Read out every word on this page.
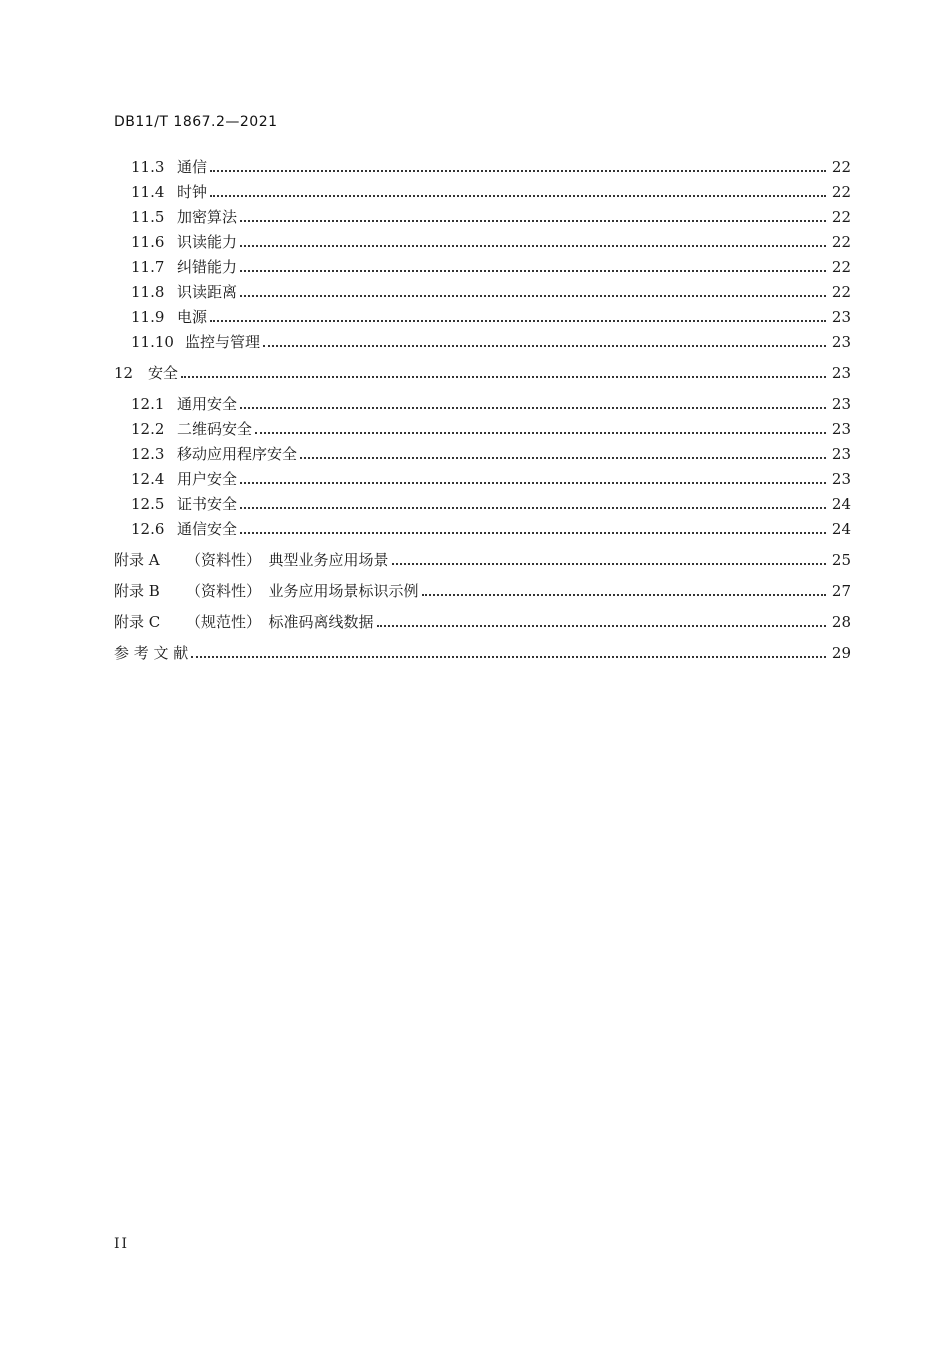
DB11/T 1867.2—2021
11.3 通信	22
11.4 时钟	22
11.5 加密算法	22
11.6 识读能力	22
11.7 纠错能力	22
11.8 识读距离	22
11.9 电源	23
11.10 监控与管理	23
12 安全	23
12.1 通用安全	23
12.2 二维码安全	23
12.3 移动应用程序安全	23
12.4 用户安全	23
12.5 证书安全	24
12.6 通信安全	24
附录 A	（资料性）　典型业务应用场景	25
附录 B	（资料性）　业务应用场景标识示例	27
附录 C	（规范性）　标准码离线数据	28
参 考 文 献	29
II
